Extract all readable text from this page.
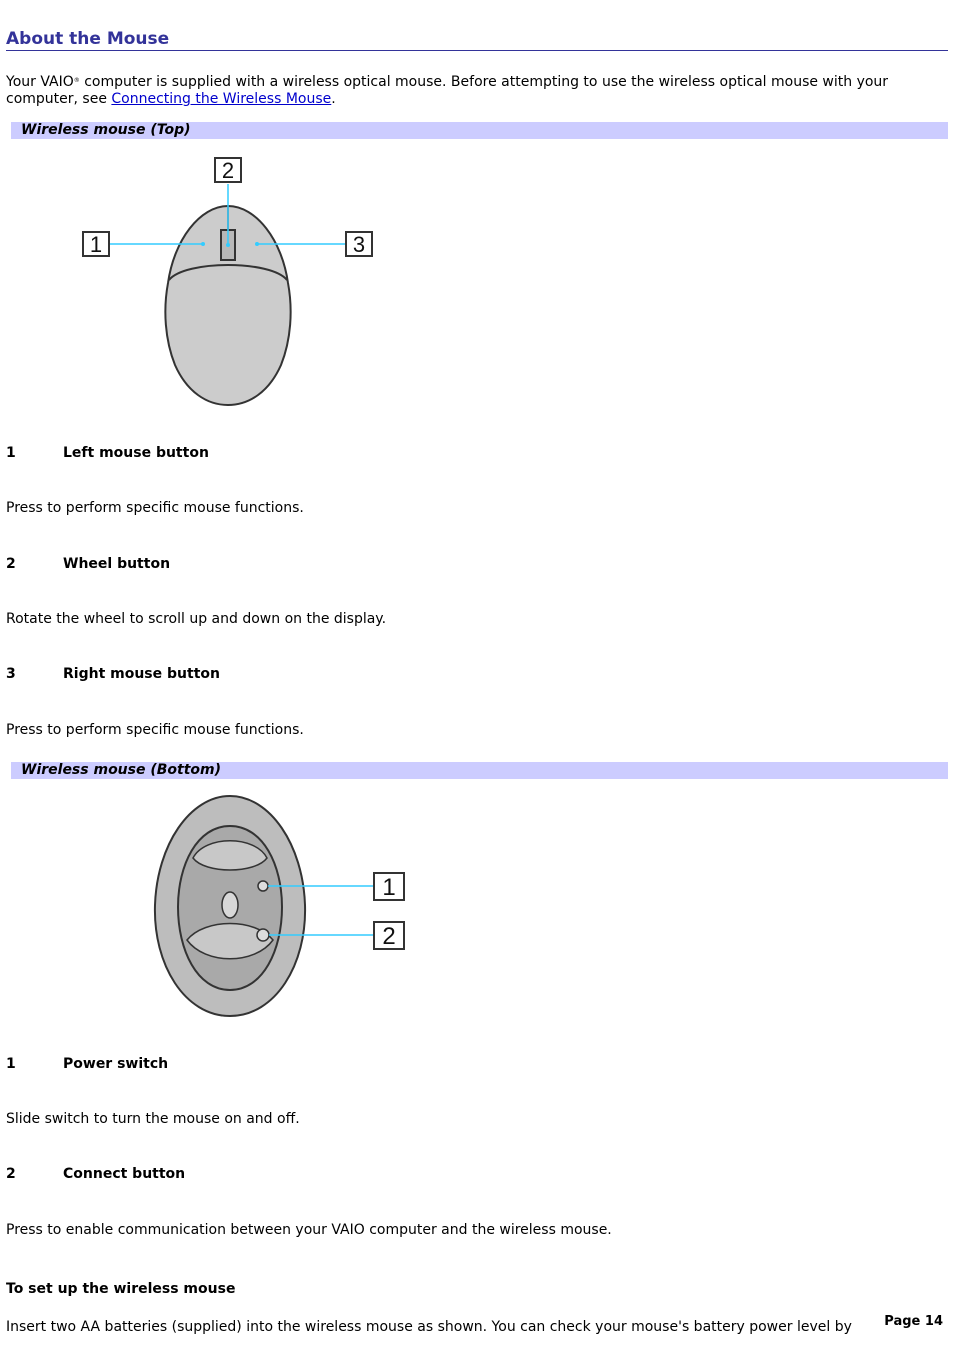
About the Mouse

Your VAIO® computer is supplied with a wireless optical mouse. Before attempting to use the wireless optical mouse with your computer, see Connecting the Wireless Mouse.

Wireless mouse (Top)
1
2
3
1	Left mouse button
Press to perform specific mouse functions.
2	Wheel button
Rotate the wheel to scroll up and down on the display.
3	Right mouse button
Press to perform specific mouse functions.
Wireless mouse (Bottom)
1
2
1	Power switch
Slide switch to turn the mouse on and off.
2	Connect button
Press to enable communication between your VAIO computer and the wireless mouse.
To set up the wireless mouse
Insert two AA batteries (supplied) into the wireless mouse as shown. You can check your mouse's battery power level by Page 14
